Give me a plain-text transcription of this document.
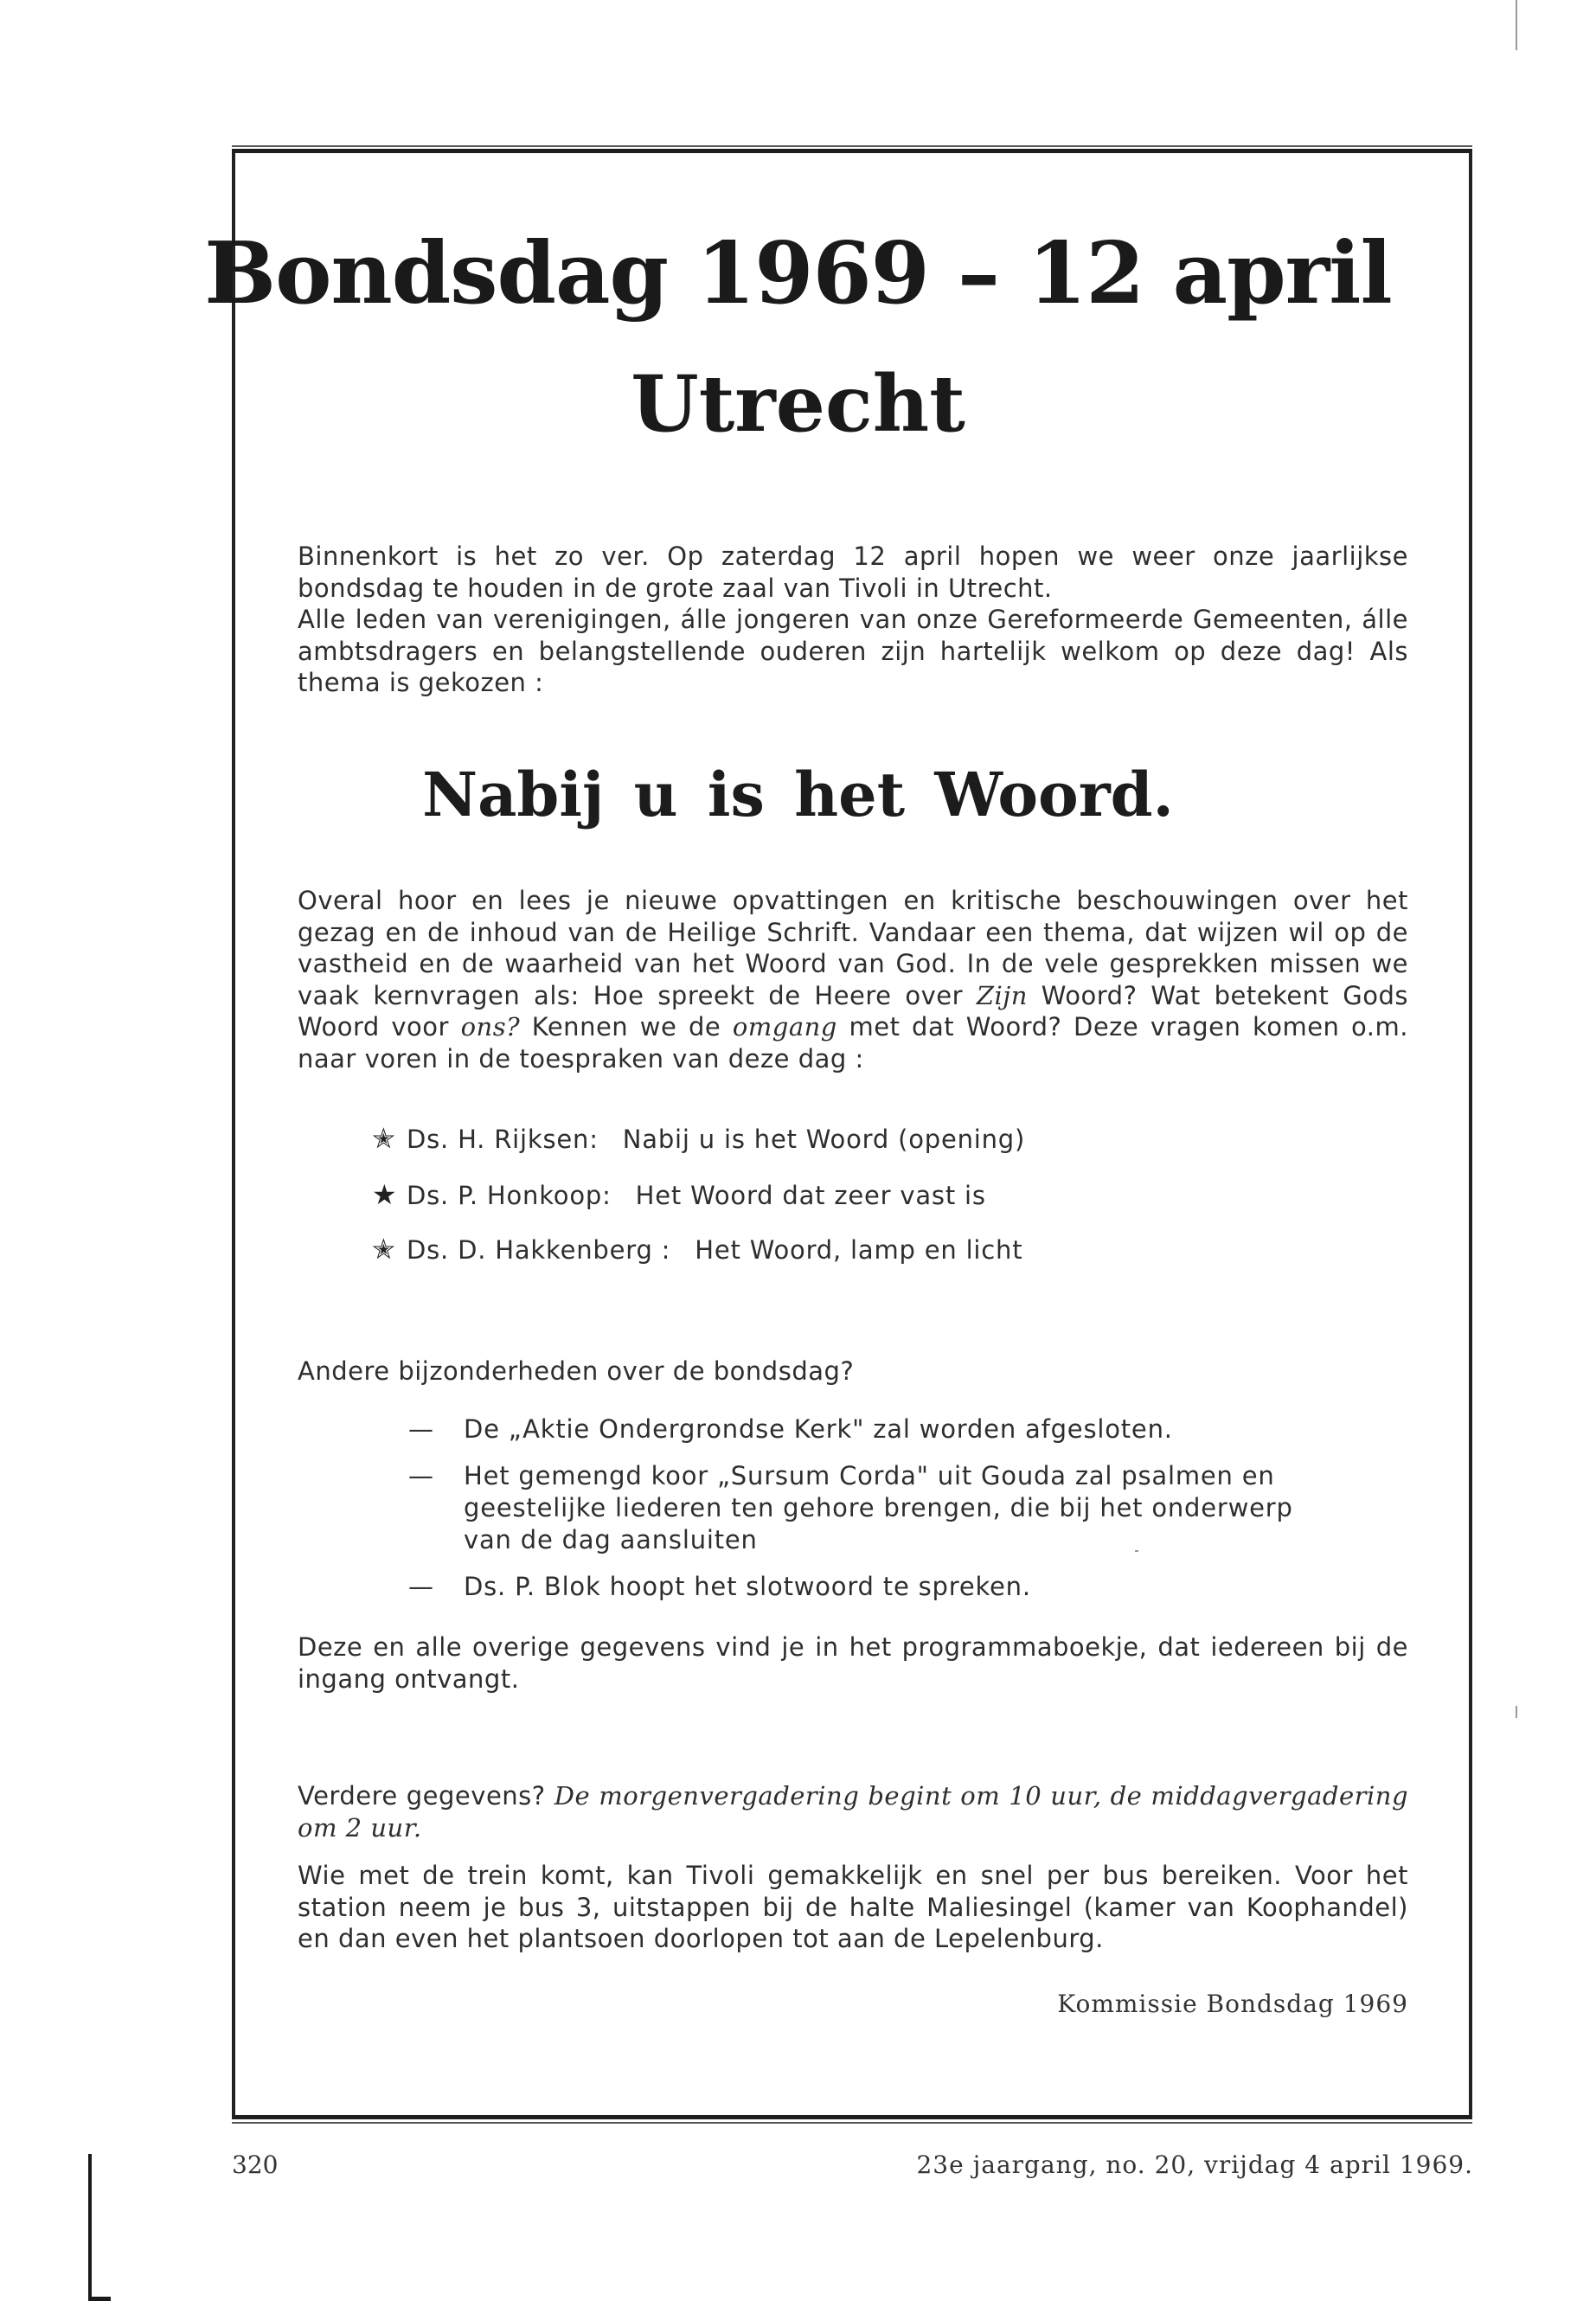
Bondsdag 1969 – 12 april
Utrecht
Binnenkort is het zo ver. Op zaterdag 12 april hopen we weer onze jaarlijkse bondsdag te houden in de grote zaal van Tivoli in Utrecht.
Alle leden van verenigingen, álle jongeren van onze Gereformeerde Gemeenten, álle ambtsdragers en belangstellende ouderen zijn hartelijk welkom op deze dag! Als thema is gekozen :
Nabij u is het Woord.
Overal hoor en lees je nieuwe opvattingen en kritische beschouwingen over het gezag en de inhoud van de Heilige Schrift. Vandaar een thema, dat wijzen wil op de vastheid en de waarheid van het Woord van God. In de vele gesprekken missen we vaak kernvragen als: Hoe spreekt de Heere over Zijn Woord? Wat betekent Gods Woord voor ons? Kennen we de omgang met dat Woord? Deze vragen komen o.m. naar voren in de toespraken van deze dag :
✭ Ds. H. Rijksen: Nabij u is het Woord (opening)
★ Ds. P. Honkoop: Het Woord dat zeer vast is
✭ Ds. D. Hakkenberg : Het Woord, lamp en licht
Andere bijzonderheden over de bondsdag?
— De „Aktie Ondergrondse Kerk" zal worden afgesloten.
— Het gemengd koor „Sursum Corda" uit Gouda zal psalmen en geestelijke liederen ten gehore brengen, die bij het onderwerp van de dag aansluiten
— Ds. P. Blok hoopt het slotwoord te spreken.
Deze en alle overige gegevens vind je in het programmaboekje, dat iedereen bij de ingang ontvangt.
Verdere gegevens? De morgenvergadering begint om 10 uur, de middagvergadering om 2 uur.
Wie met de trein komt, kan Tivoli gemakkelijk en snel per bus bereiken. Voor het station neem je bus 3, uitstappen bij de halte Maliesingel (kamer van Koophandel) en dan even het plantsoen doorlopen tot aan de Lepelenburg.
Kommissie Bondsdag 1969
320	23e jaargang, no. 20, vrijdag 4 april 1969.
